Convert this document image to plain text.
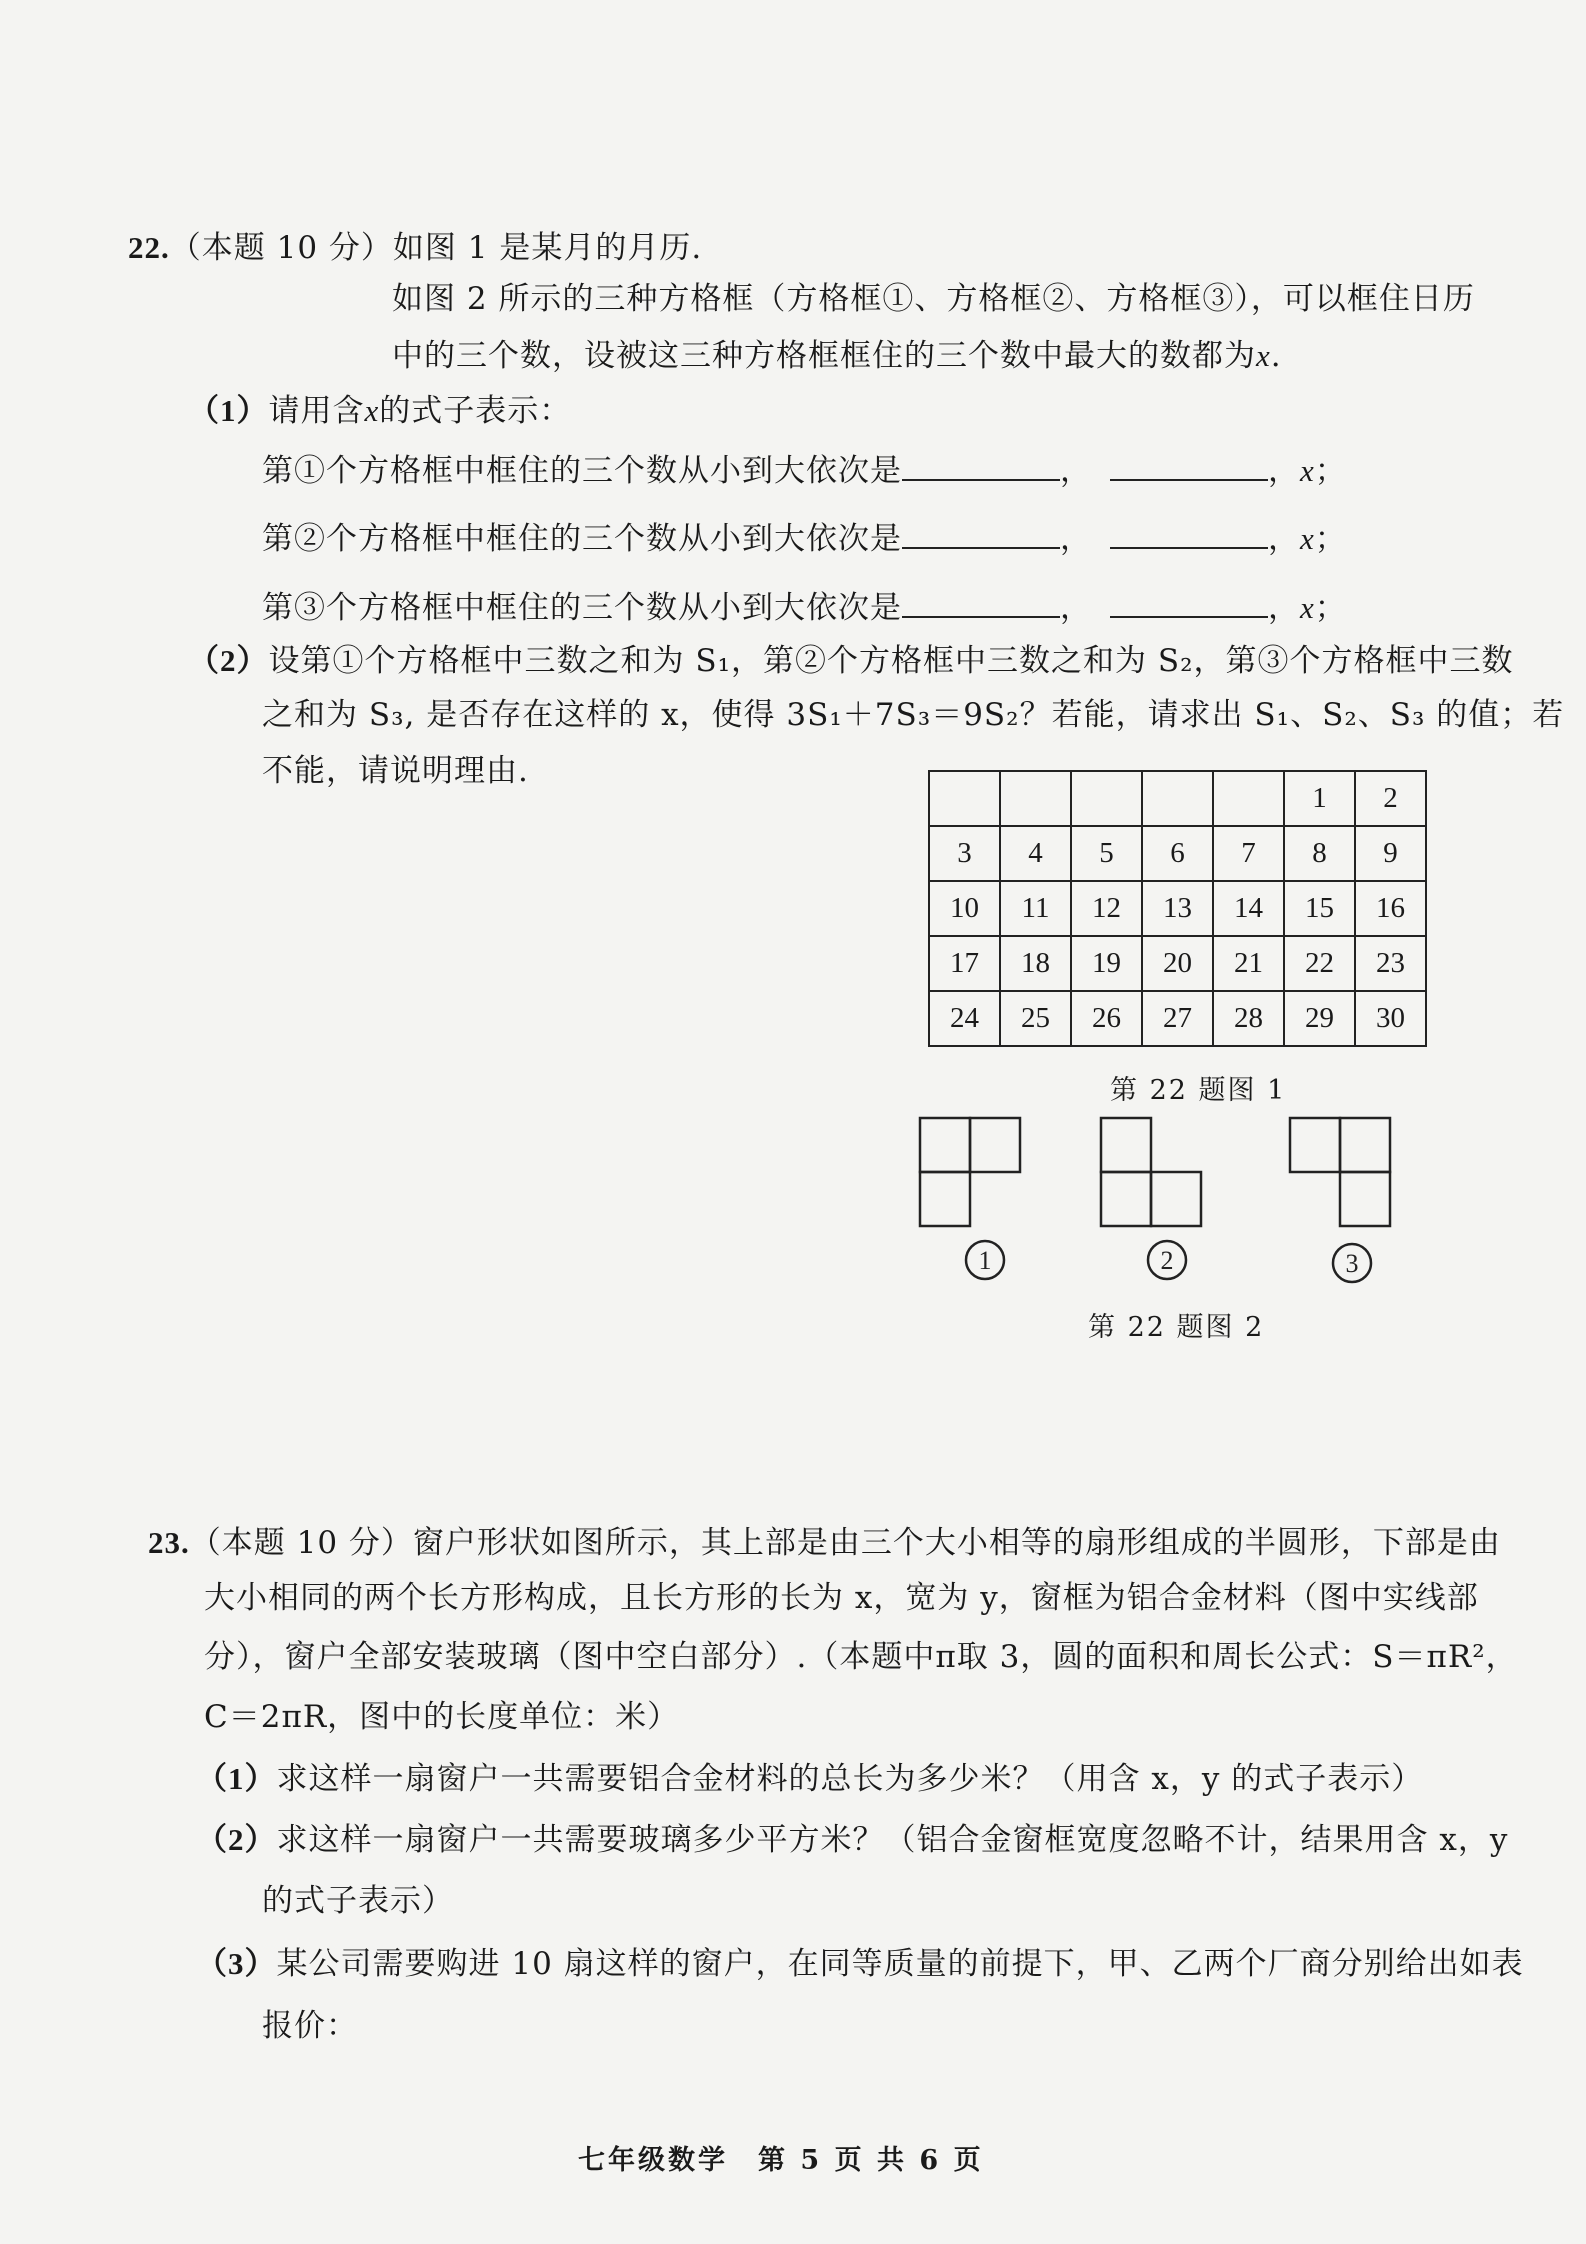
22.（本题 10 分）如图 1 是某月的月历.
如图 2 所示的三种方格框（方格框①、方格框②、方格框③），可以框住日历
中的三个数，设被这三种方格框框住的三个数中最大的数都为x.
（1）请用含x的式子表示：
第①个方格框中框住的三个数从小到大依次是	，	，x；
第②个方格框中框住的三个数从小到大依次是	，	，x；
第③个方格框中框住的三个数从小到大依次是	，	，x；
（2）设第①个方格框中三数之和为 S₁，第②个方格框中三数之和为 S₂，第③个方格框中三数
之和为 S₃, 是否存在这样的 x，使得 3S₁＋7S₃＝9S₂？若能，请求出 S₁、S₂、S₃ 的值；若
不能，请说明理由.
					1	2
3	4	5	6	7	8	9
10	11	12	13	14	15	16
17	18	19	20	21	22	23
24	25	26	27	28	29	30
第 22 题图 1
1	2	3
第 22 题图 2
23.（本题 10 分）窗户形状如图所示，其上部是由三个大小相等的扇形组成的半圆形，下部是由
大小相同的两个长方形构成，且长方形的长为 x，宽为 y，窗框为铝合金材料（图中实线部
分），窗户全部安装玻璃（图中空白部分）.（本题中π取 3，圆的面积和周长公式：S＝πR²，
C＝2πR，图中的长度单位：米）
（1）求这样一扇窗户一共需要铝合金材料的总长为多少米？（用含 x，y 的式子表示）
（2）求这样一扇窗户一共需要玻璃多少平方米？（铝合金窗框宽度忽略不计，结果用含 x，y
的式子表示）
（3）某公司需要购进 10 扇这样的窗户，在同等质量的前提下，甲、乙两个厂商分别给出如表
报价：
七年级数学　第 5 页 共 6 页
